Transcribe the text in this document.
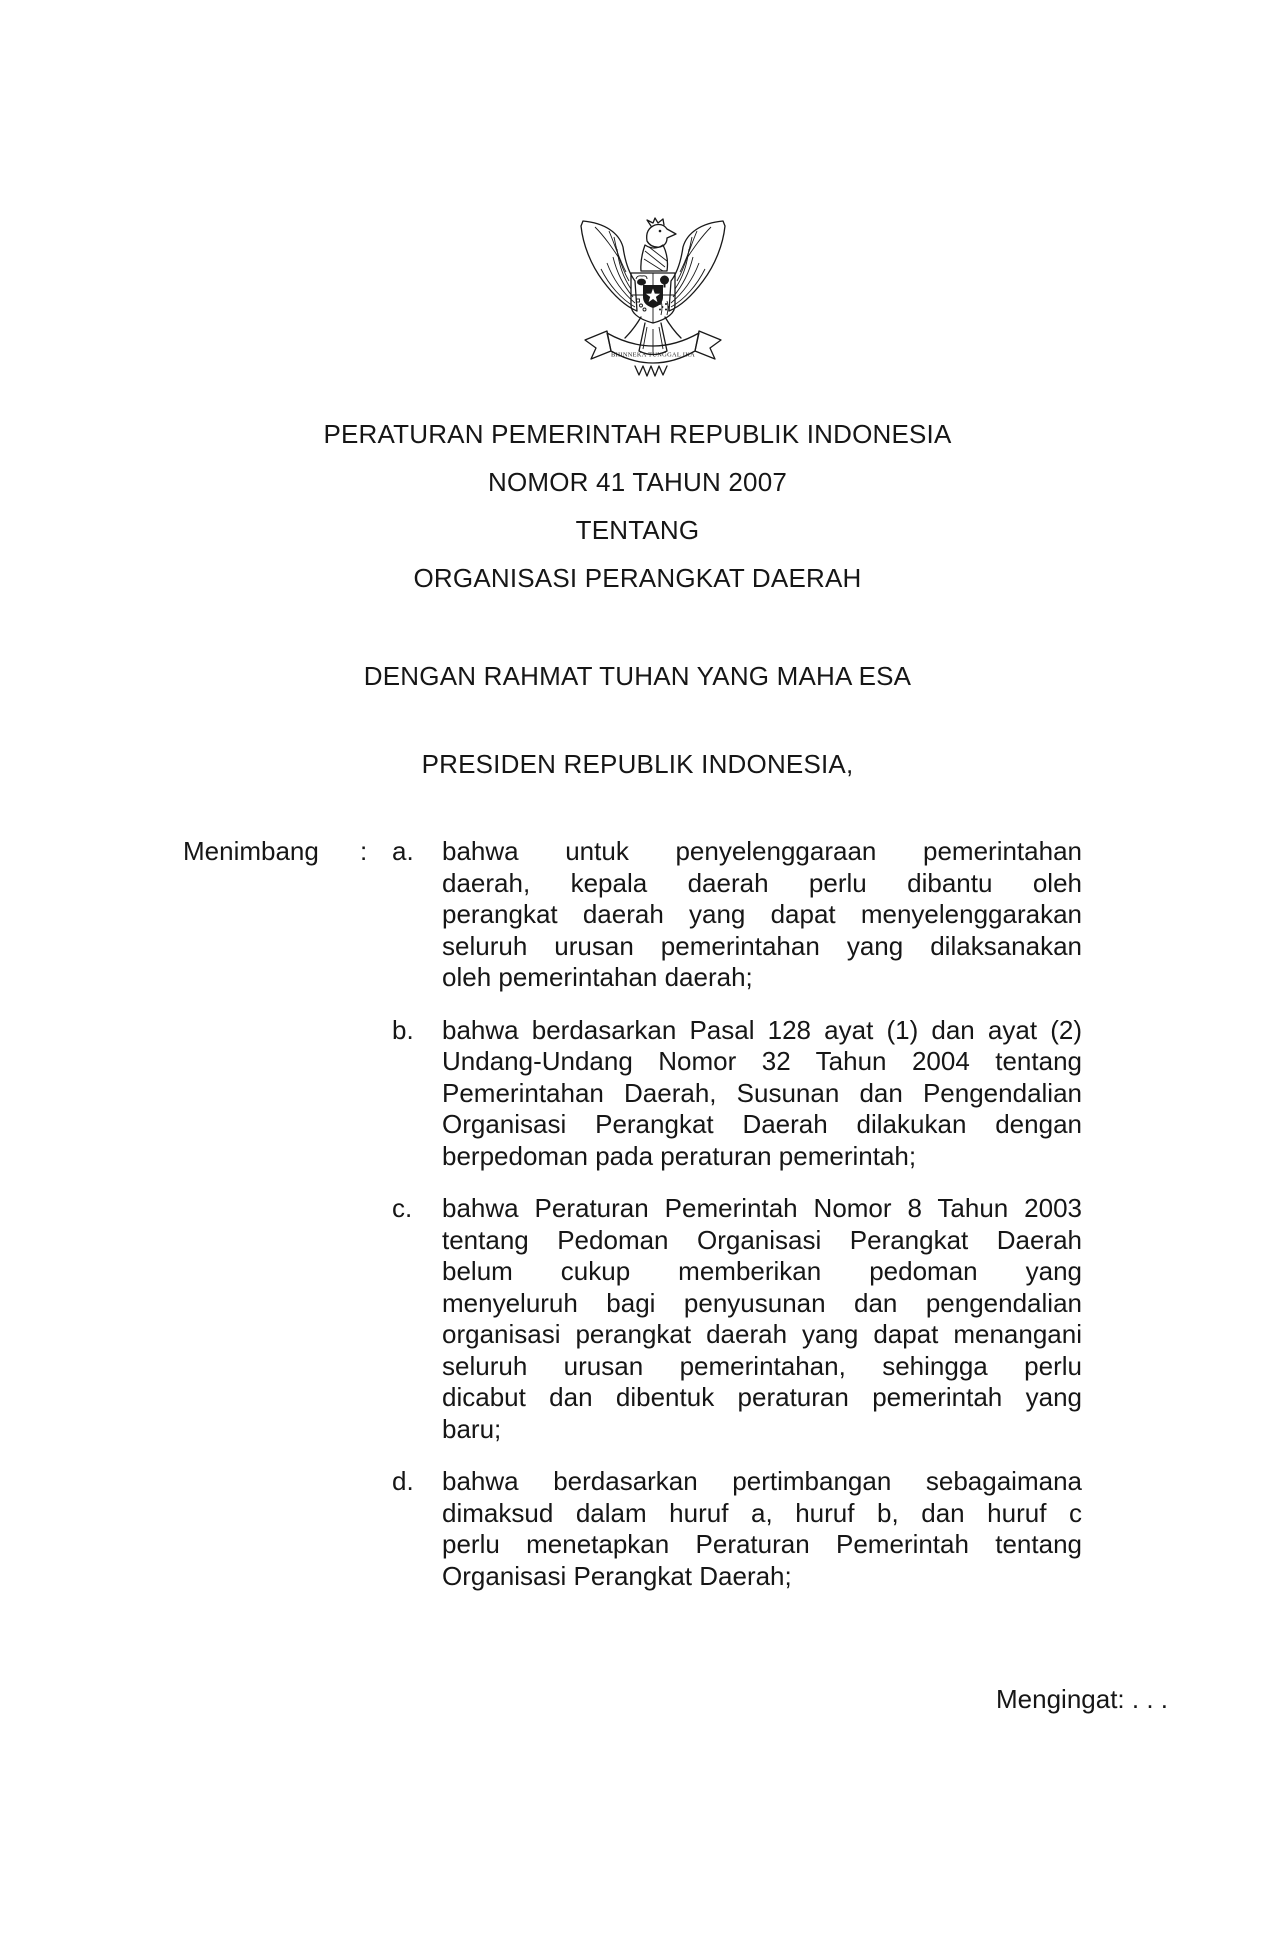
BHINNEKA TUNGGAL IKA
PERATURAN PEMERINTAH REPUBLIK INDONESIA
NOMOR 41 TAHUN 2007
TENTANG
ORGANISASI PERANGKAT DAERAH
DENGAN RAHMAT TUHAN YANG MAHA ESA
PRESIDEN REPUBLIK INDONESIA,
Menimbang	: a.	bahwa untuk penyelenggaraan pemerintahan
daerah, kepala daerah perlu dibantu oleh
perangkat daerah yang dapat menyelenggarakan
seluruh urusan pemerintahan yang dilaksanakan
oleh pemerintahan daerah;
b.	bahwa berdasarkan Pasal 128 ayat (1) dan ayat (2)
Undang-Undang Nomor 32 Tahun 2004 tentang
Pemerintahan Daerah, Susunan dan Pengendalian
Organisasi Perangkat Daerah dilakukan dengan
berpedoman pada peraturan pemerintah;
c.	bahwa Peraturan Pemerintah Nomor 8 Tahun 2003
tentang Pedoman Organisasi Perangkat Daerah
belum cukup memberikan pedoman yang
menyeluruh bagi penyusunan dan pengendalian
organisasi perangkat daerah yang dapat menangani
seluruh urusan pemerintahan, sehingga perlu
dicabut dan dibentuk peraturan pemerintah yang
baru;
d.	bahwa berdasarkan pertimbangan sebagaimana
dimaksud dalam huruf a, huruf b, dan huruf c
perlu menetapkan Peraturan Pemerintah tentang
Organisasi Perangkat Daerah;
Mengingat: . . .
